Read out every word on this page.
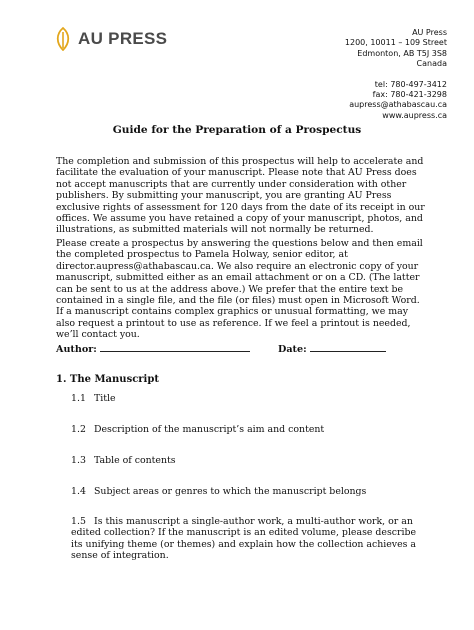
AU PRESS	AU Press
1200, 10011 – 109 Street
Edmonton, AB T5J 3S8
Canada
tel: 780-497-3412
fax: 780-421-3298
aupress@athabascau.ca
www.aupress.ca
Guide for the Preparation of a Prospectus
The completion and submission of this prospectus will help to accelerate and facilitate the evaluation of your manuscript. Please note that AU Press does not accept manuscripts that are currently under consideration with other publishers. By submitting your manuscript, you are granting AU Press exclusive rights of assessment for 120 days from the date of its receipt in our offices. We assume you have retained a copy of your manuscript, photos, and illustrations, as submitted materials will not normally be returned.
Please create a prospectus by answering the questions below and then email the completed prospectus to Pamela Holway, senior editor, at director.aupress@athabascau.ca. We also require an electronic copy of your manuscript, submitted either as an email attachment or on a CD. (The latter can be sent to us at the address above.) We prefer that the entire text be contained in a single file, and the file (or files) must open in Microsoft Word. If a manuscript contains complex graphics or unusual formatting, we may also request a printout to use as reference. If we feel a printout is needed, we’ll contact you.
Author:	Date:
1. The Manuscript
1.1 Title
1.2 Description of the manuscript’s aim and content
1.3 Table of contents
1.4 Subject areas or genres to which the manuscript belongs
1.5 Is this manuscript a single-author work, a multi-author work, or an edited collection? If the manuscript is an edited volume, please describe its unifying theme (or themes) and explain how the collection achieves a sense of integration.
